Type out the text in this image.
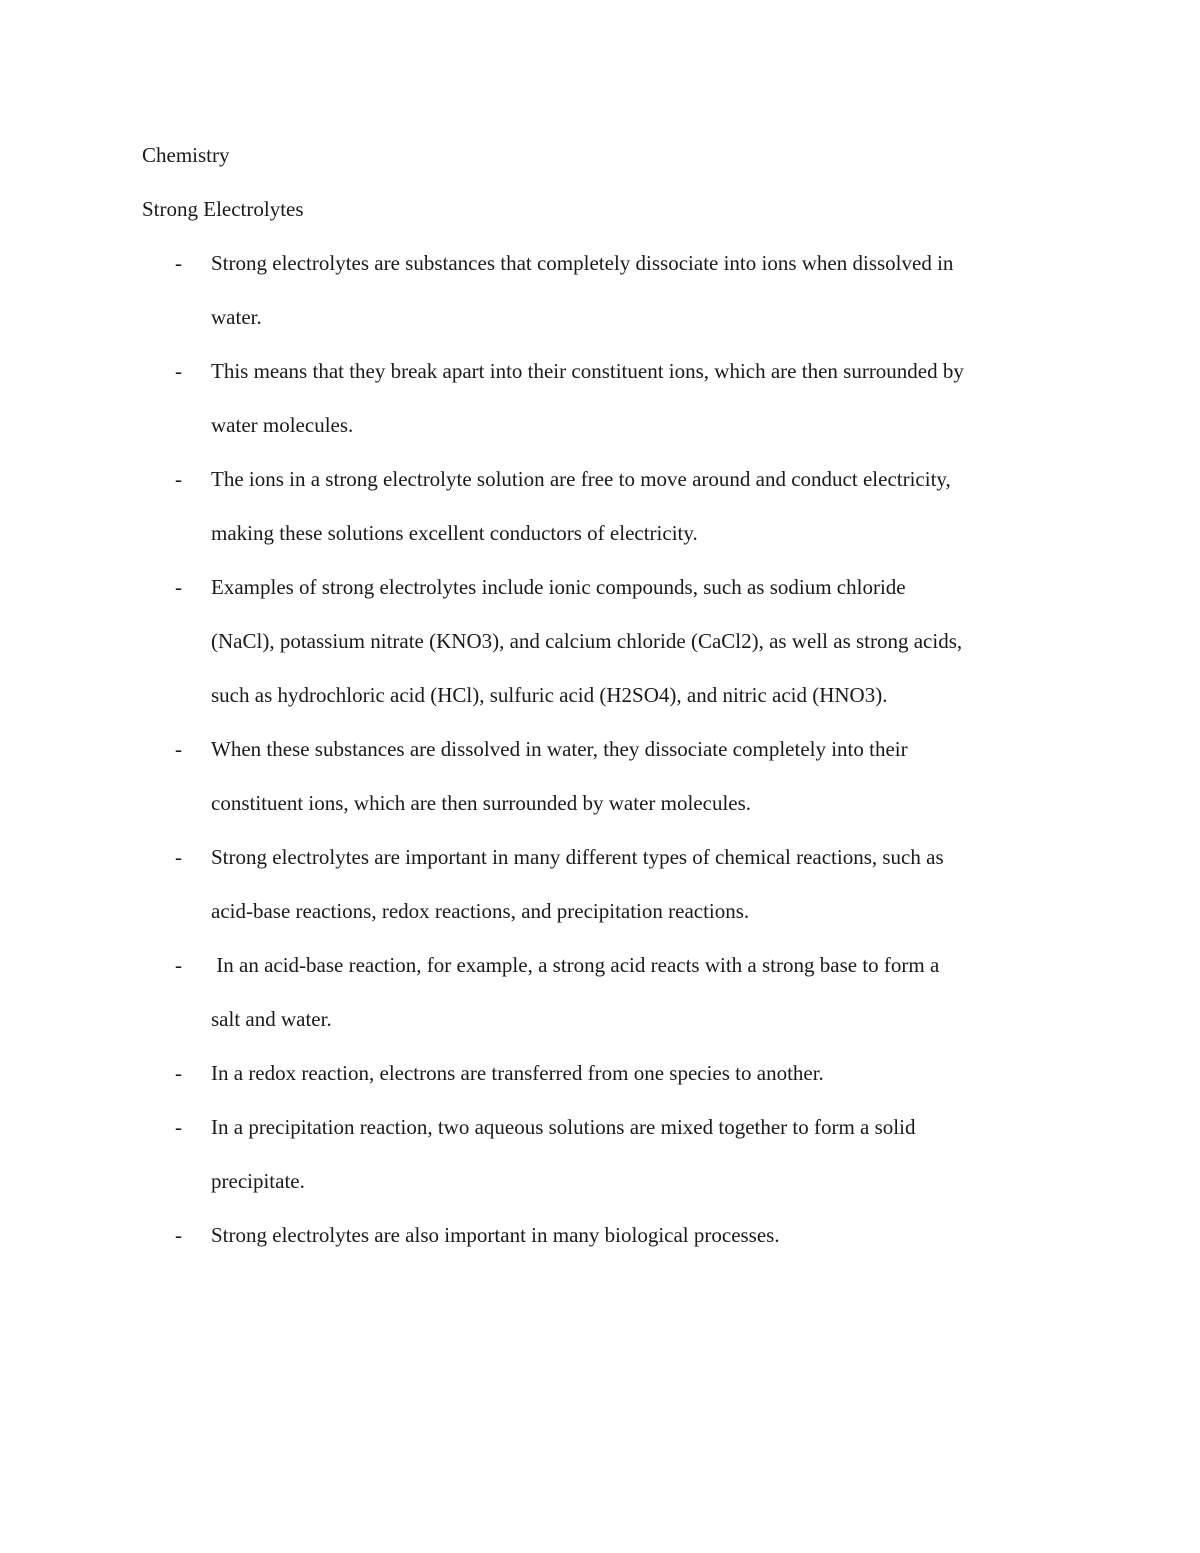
Chemistry

Strong Electrolytes

- Strong electrolytes are substances that completely dissociate into ions when dissolved in
water.
- This means that they break apart into their constituent ions, which are then surrounded by
water molecules.
- The ions in a strong electrolyte solution are free to move around and conduct electricity,
making these solutions excellent conductors of electricity.
- Examples of strong electrolytes include ionic compounds, such as sodium chloride
(NaCl), potassium nitrate (KNO3), and calcium chloride (CaCl2), as well as strong acids,
such as hydrochloric acid (HCl), sulfuric acid (H2SO4), and nitric acid (HNO3).
- When these substances are dissolved in water, they dissociate completely into their
constituent ions, which are then surrounded by water molecules.
- Strong electrolytes are important in many different types of chemical reactions, such as
acid-base reactions, redox reactions, and precipitation reactions.
- In an acid-base reaction, for example, a strong acid reacts with a strong base to form a
salt and water.
- In a redox reaction, electrons are transferred from one species to another.
- In a precipitation reaction, two aqueous solutions are mixed together to form a solid
precipitate.
- Strong electrolytes are also important in many biological processes.
